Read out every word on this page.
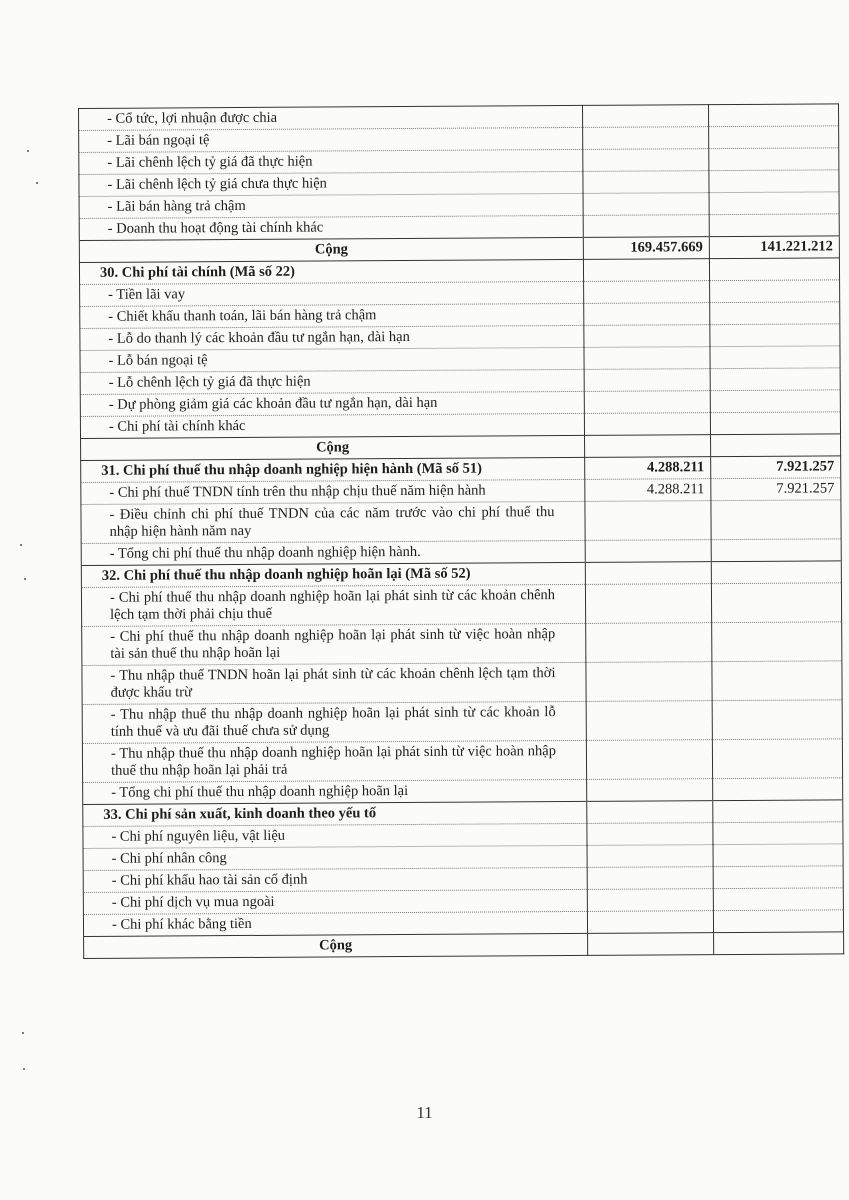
- Cổ tức, lợi nhuận được chia		
- Lãi bán ngoại tệ		
- Lãi chênh lệch tỷ giá đã thực hiện		
- Lãi chênh lệch tỷ giá chưa thực hiện		
- Lãi bán hàng trả chậm		
- Doanh thu hoạt động tài chính khác		
Cộng	169.457.669	141.221.212
30. Chi phí tài chính (Mã số 22)		
- Tiền lãi vay		
- Chiết khấu thanh toán, lãi bán hàng trả chậm		
- Lỗ do thanh lý các khoản đầu tư ngắn hạn, dài hạn		
- Lỗ bán ngoại tệ		
- Lỗ chênh lệch tỷ giá đã thực hiện		
- Dự phòng giảm giá các khoản đầu tư ngắn hạn, dài hạn		
- Chi phí tài chính khác		
Cộng		
31. Chi phí thuế thu nhập doanh nghiệp hiện hành (Mã số 51)	4.288.211	7.921.257
- Chi phí thuế TNDN tính trên thu nhập chịu thuế năm hiện hành	4.288.211	7.921.257
- Điều chỉnh chi phí thuế TNDN của các năm trước vào chi phí thuế thu nhập hiện hành năm nay		
- Tổng chi phí thuế thu nhập doanh nghiệp hiện hành.		
32. Chi phí thuế thu nhập doanh nghiệp hoãn lại (Mã số 52)		
- Chi phí thuế thu nhập doanh nghiệp hoãn lại phát sinh từ các khoản chênh lệch tạm thời phải chịu thuế		
- Chi phí thuế thu nhập doanh nghiệp hoãn lại phát sinh từ việc hoàn nhập tài sản thuế thu nhập hoãn lại		
- Thu nhập thuế TNDN hoãn lại phát sinh từ các khoản chênh lệch tạm thời được khấu trừ		
- Thu nhập thuế thu nhập doanh nghiệp hoãn lại phát sinh từ các khoản lỗ tính thuế và ưu đãi thuế chưa sử dụng		
- Thu nhập thuế thu nhập doanh nghiệp hoãn lại phát sinh từ việc hoàn nhập thuế thu nhập hoãn lại phải trả		
- Tổng chi phí thuế thu nhập doanh nghiệp hoãn lại		
33. Chi phí sản xuất, kinh doanh theo yếu tố		
- Chi phí nguyên liệu, vật liệu		
- Chi phí nhân công		
- Chi phí khấu hao tài sản cố định		
- Chi phí dịch vụ mua ngoài		
- Chi phí khác bằng tiền		
Cộng		
11
